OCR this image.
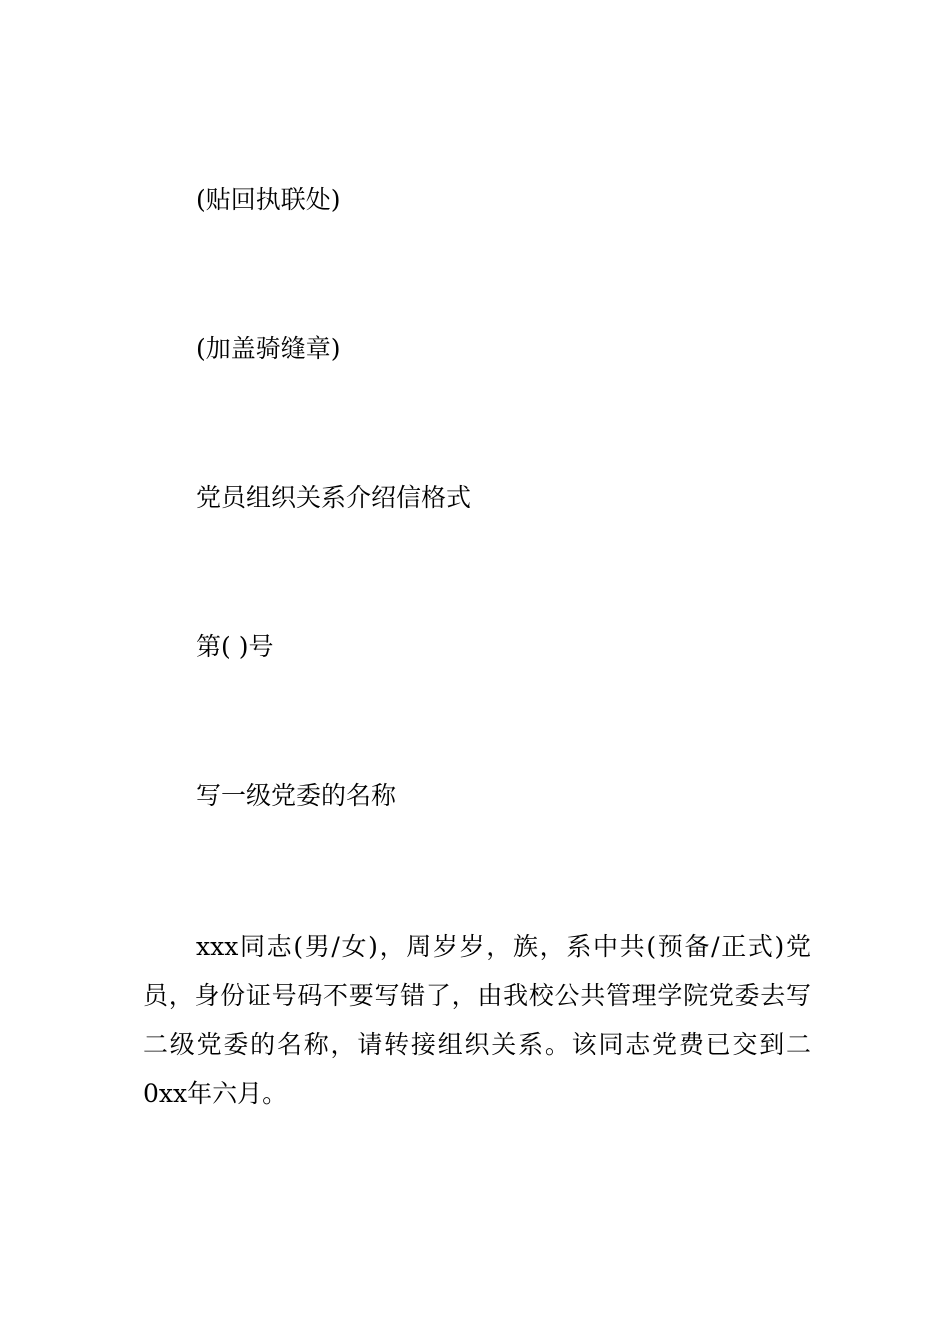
(贴回执联处)
(加盖骑缝章)
党员组织关系介绍信格式
第( )号
写一级党委的名称
xxx同志(男/女)，周岁岁，族，系中共(预备/正式)党员，身份证号码不要写错了，由我校公共管理学院党委去写二级党委的名称，请转接组织关系。该同志党费已交到二0xx年六月。
